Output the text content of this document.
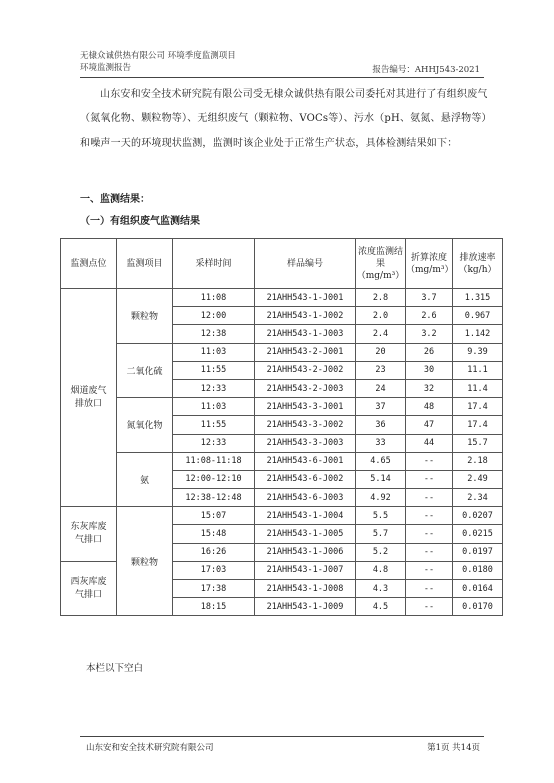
无棣众诚供热有限公司 环境季度监测项目
环境监测报告	报告编号：AHHJ543-2021
山东安和安全技术研究院有限公司受无棣众诚供热有限公司委托对其进行了有组织废气（氮氧化物、颗粒物等）、无组织废气（颗粒物、VOCs等）、污水（pH、氨氮、悬浮物等）和噪声一天的环境现状监测，监测时该企业处于正常生产状态，具体检测结果如下：
一、监测结果：
（一）有组织废气监测结果
监测点位	监测项目	采样时间	样品编号	浓度监测结果（mg/m³）	折算浓度（mg/m³）	排放速率（kg/h）
烟道废气排放口	颗粒物	11:08	21AHH543-1-J001	2.8	3.7	1.315
		12:00	21AHH543-1-J002	2.0	2.6	0.967
		12:38	21AHH543-1-J003	2.4	3.2	1.142
	二氧化硫	11:03	21AHH543-2-J001	20	26	9.39
		11:55	21AHH543-2-J002	23	30	11.1
		12:33	21AHH543-2-J003	24	32	11.4
	氮氧化物	11:03	21AHH543-3-J001	37	48	17.4
		11:55	21AHH543-3-J002	36	47	17.4
		12:33	21AHH543-3-J003	33	44	15.7
	氨	11:08-11:18	21AHH543-6-J001	4.65	--	2.18
		12:00-12:10	21AHH543-6-J002	5.14	--	2.49
		12:38-12:48	21AHH543-6-J003	4.92	--	2.34
东灰库废气排口	颗粒物	15:07	21AHH543-1-J004	5.5	--	0.0207
		15:48	21AHH543-1-J005	5.7	--	0.0215
		16:26	21AHH543-1-J006	5.2	--	0.0197
西灰库废气排口		17:03	21AHH543-1-J007	4.8	--	0.0180
		17:38	21AHH543-1-J008	4.3	--	0.0164
		18:15	21AHH543-1-J009	4.5	--	0.0170
本栏以下空白
山东安和安全技术研究院有限公司	第1页 共14页
